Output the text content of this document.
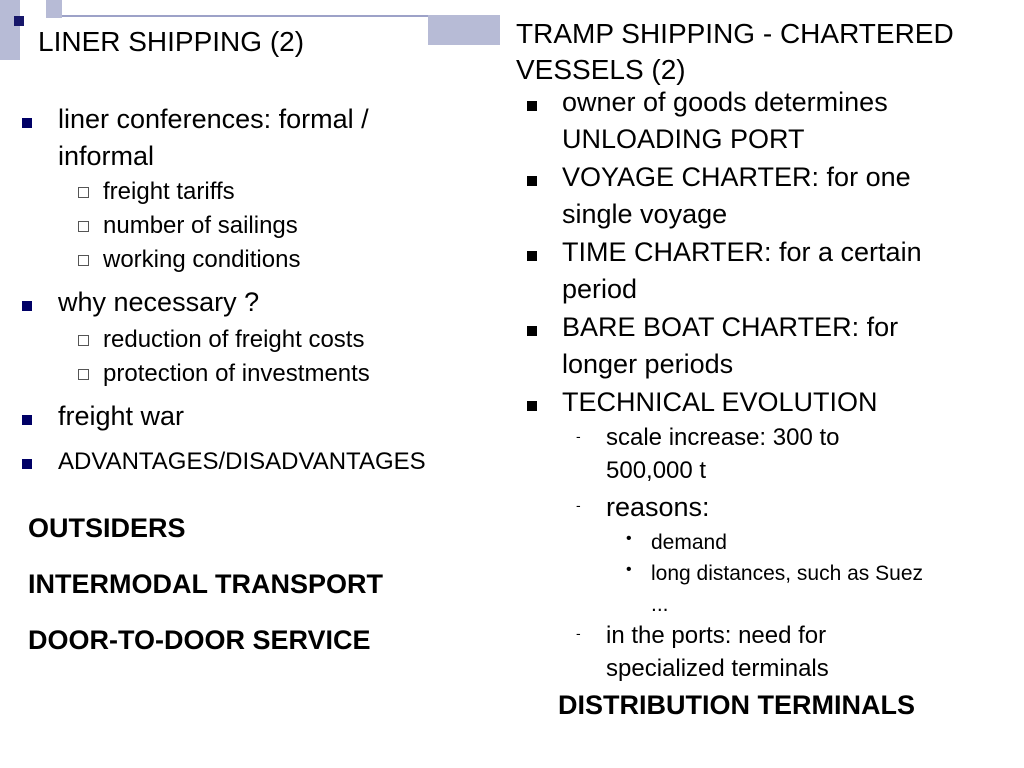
LINER SHIPPING (2)	TRAMP SHIPPING - CHARTERED VESSELS (2)
liner conferences: formal / informal
freight tariffs
number of sailings
working conditions
why necessary ?
reduction of freight costs
protection of investments
freight war
ADVANTAGES/DISADVANTAGES
OUTSIDERS
INTERMODAL TRANSPORT
DOOR-TO-DOOR SERVICE
owner of goods determines UNLOADING PORT
VOYAGE CHARTER: for one single voyage
TIME CHARTER: for a certain period
BARE BOAT CHARTER: for longer periods
TECHNICAL EVOLUTION
- scale increase: 300 to 500,000 t
- reasons:
• demand
• long distances, such as Suez ...
- in the ports: need for specialized terminals
DISTRIBUTION TERMINALS
